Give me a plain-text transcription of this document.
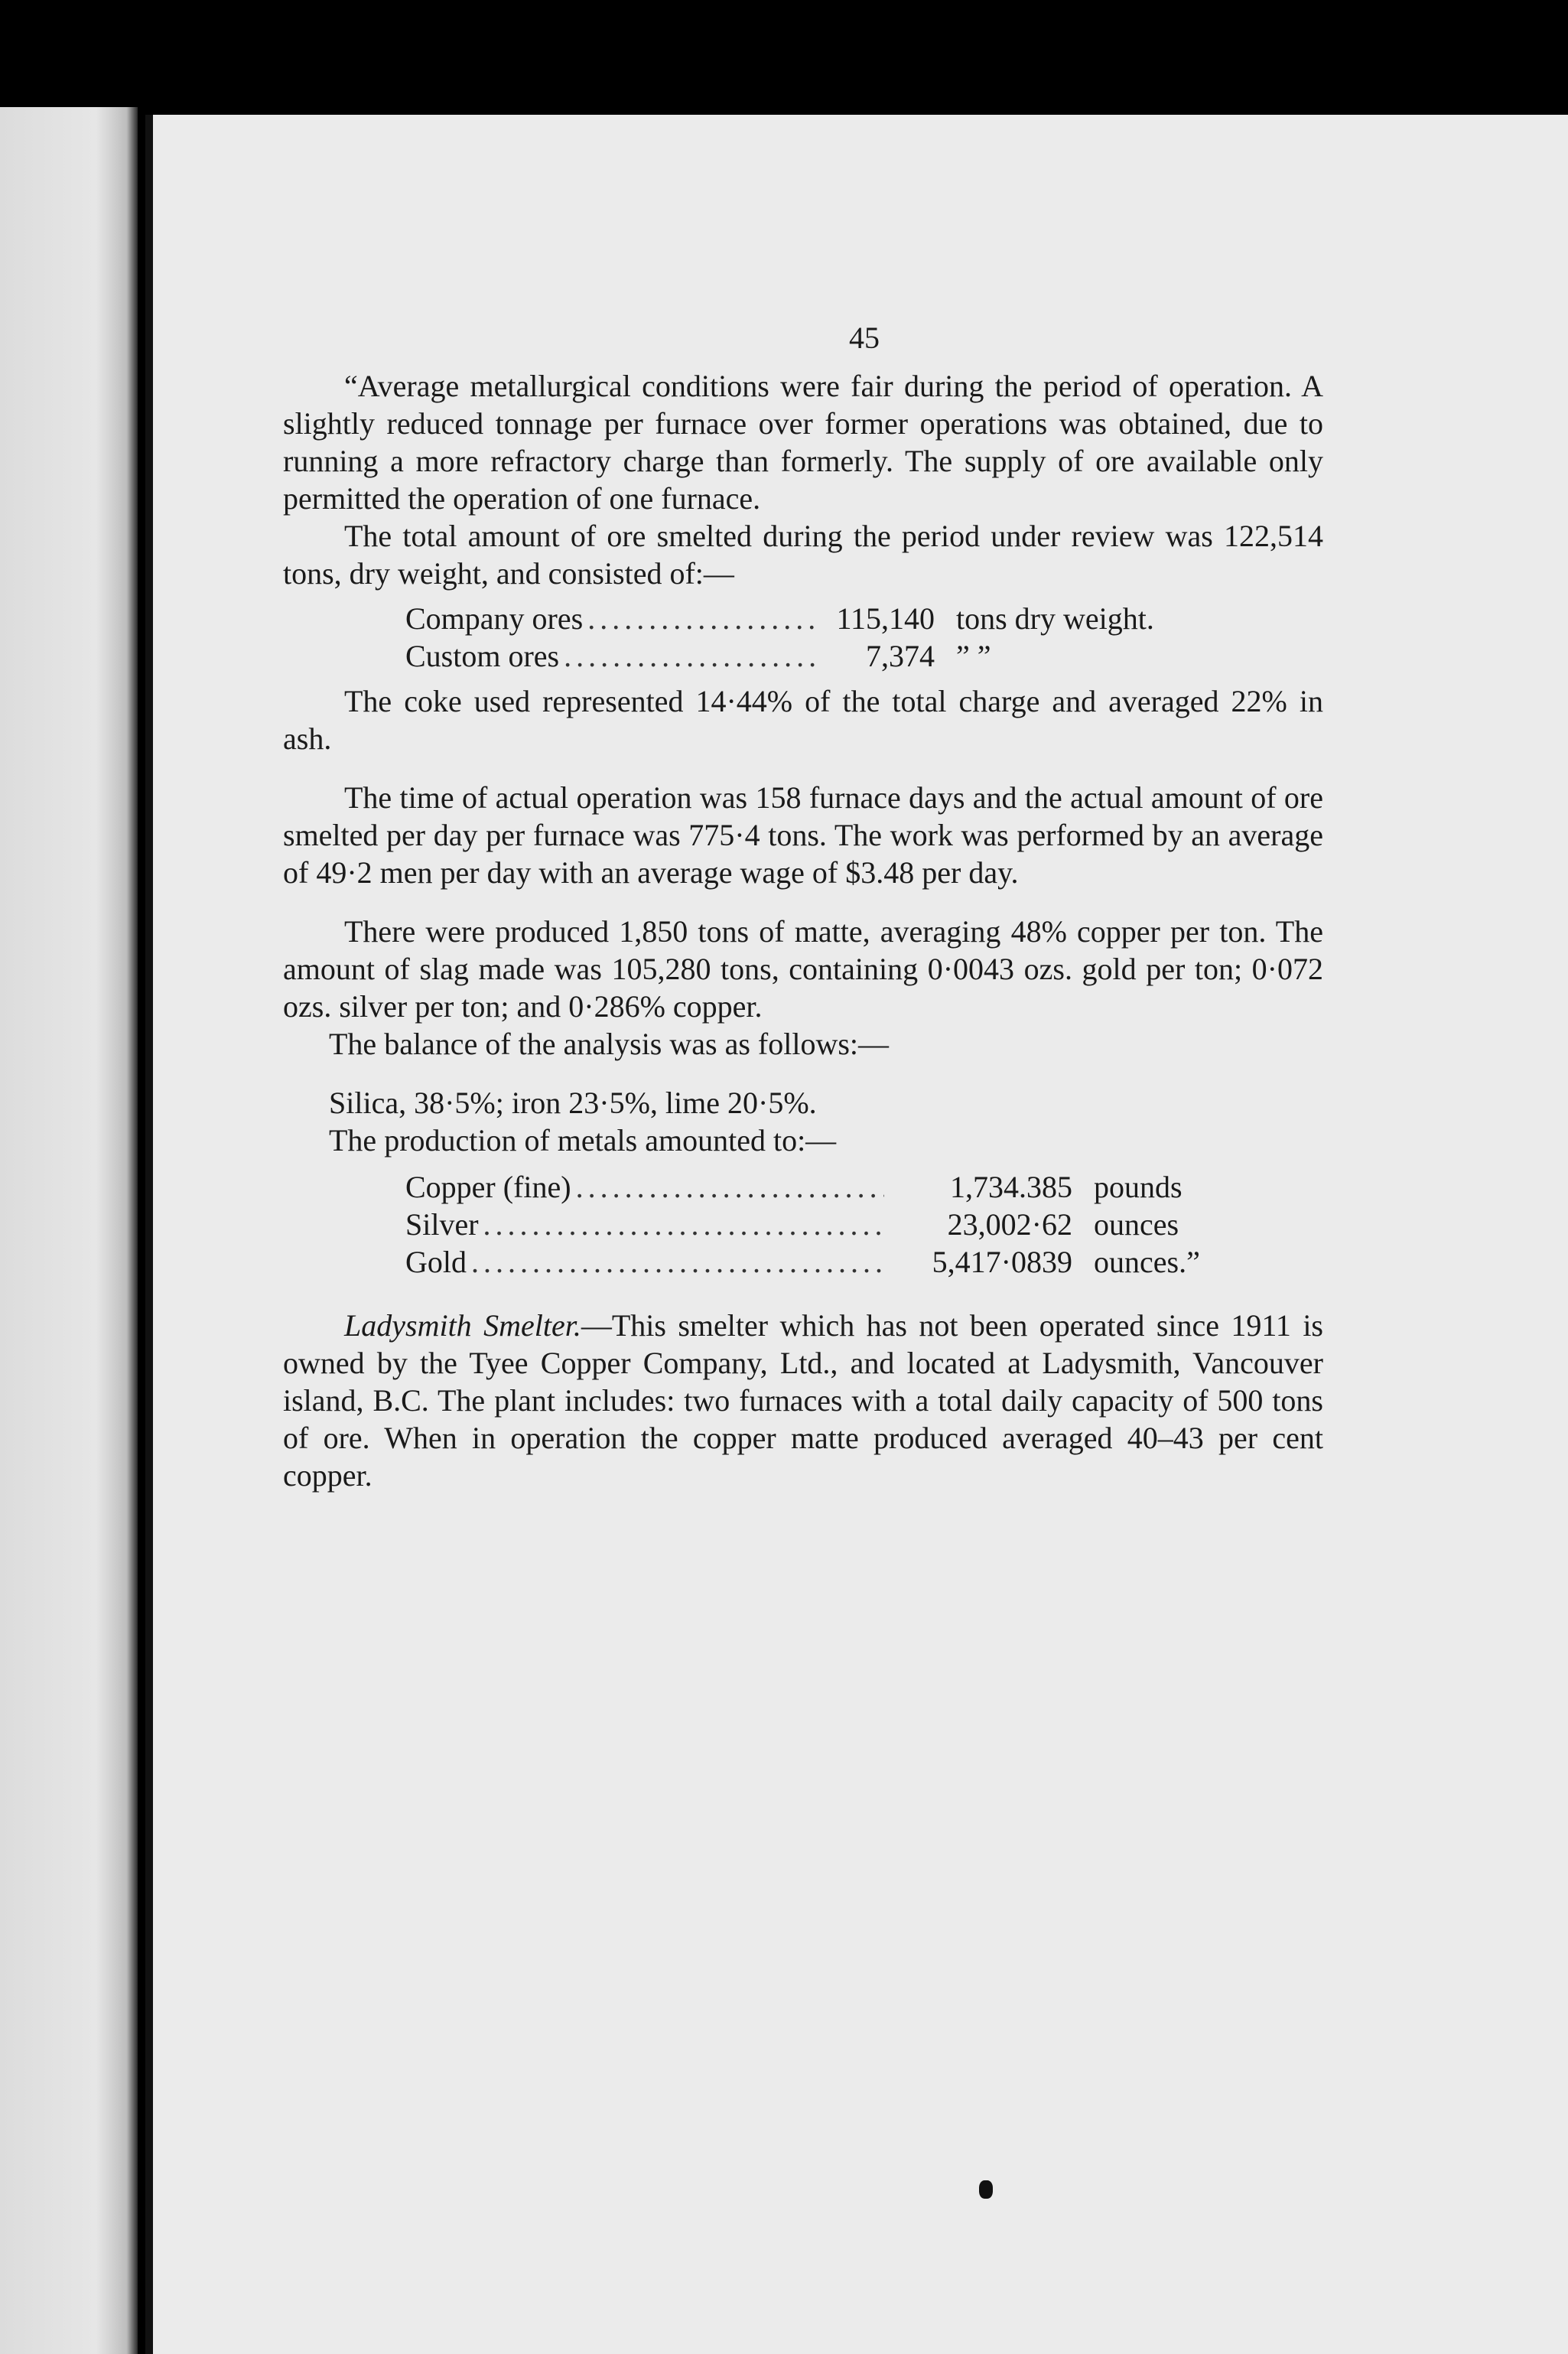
45

“Average metallurgical conditions were fair during the period of operation. A slightly reduced tonnage per furnace over former operations was obtained, due to running a more refractory charge than formerly. The supply of ore available only permitted the operation of one furnace.

The total amount of ore smelted during the period under review was 122,514 tons, dry weight, and consisted of:—

Company ores .....	115,140 tons dry weight.
Custom ores .....	7,374 ” ”

The coke used represented 14·44% of the total charge and averaged 22% in ash.

The time of actual operation was 158 furnace days and the actual amount of ore smelted per day per furnace was 775·4 tons. The work was performed by an average of 49·2 men per day with an average wage of $3.48 per day.

There were produced 1,850 tons of matte, averaging 48% copper per ton. The amount of slag made was 105,280 tons, containing 0·0043 ozs. gold per ton; 0·072 ozs. silver per ton; and 0·286% copper.

The balance of the analysis was as follows:—

Silica, 38·5%; iron 23·5%, lime 20·5%.

The production of metals amounted to:—

Copper (fine) .....	1,734.385 pounds
Silver .....	23,002·62 ounces
Gold .....	5,417·0839 ounces.”

Ladysmith Smelter.—This smelter which has not been operated since 1911 is owned by the Tyee Copper Company, Ltd., and located at Ladysmith, Vancouver island, B.C. The plant includes: two furnaces with a total daily capacity of 500 tons of ore. When in operation the copper matte produced averaged 40–43 per cent copper.
